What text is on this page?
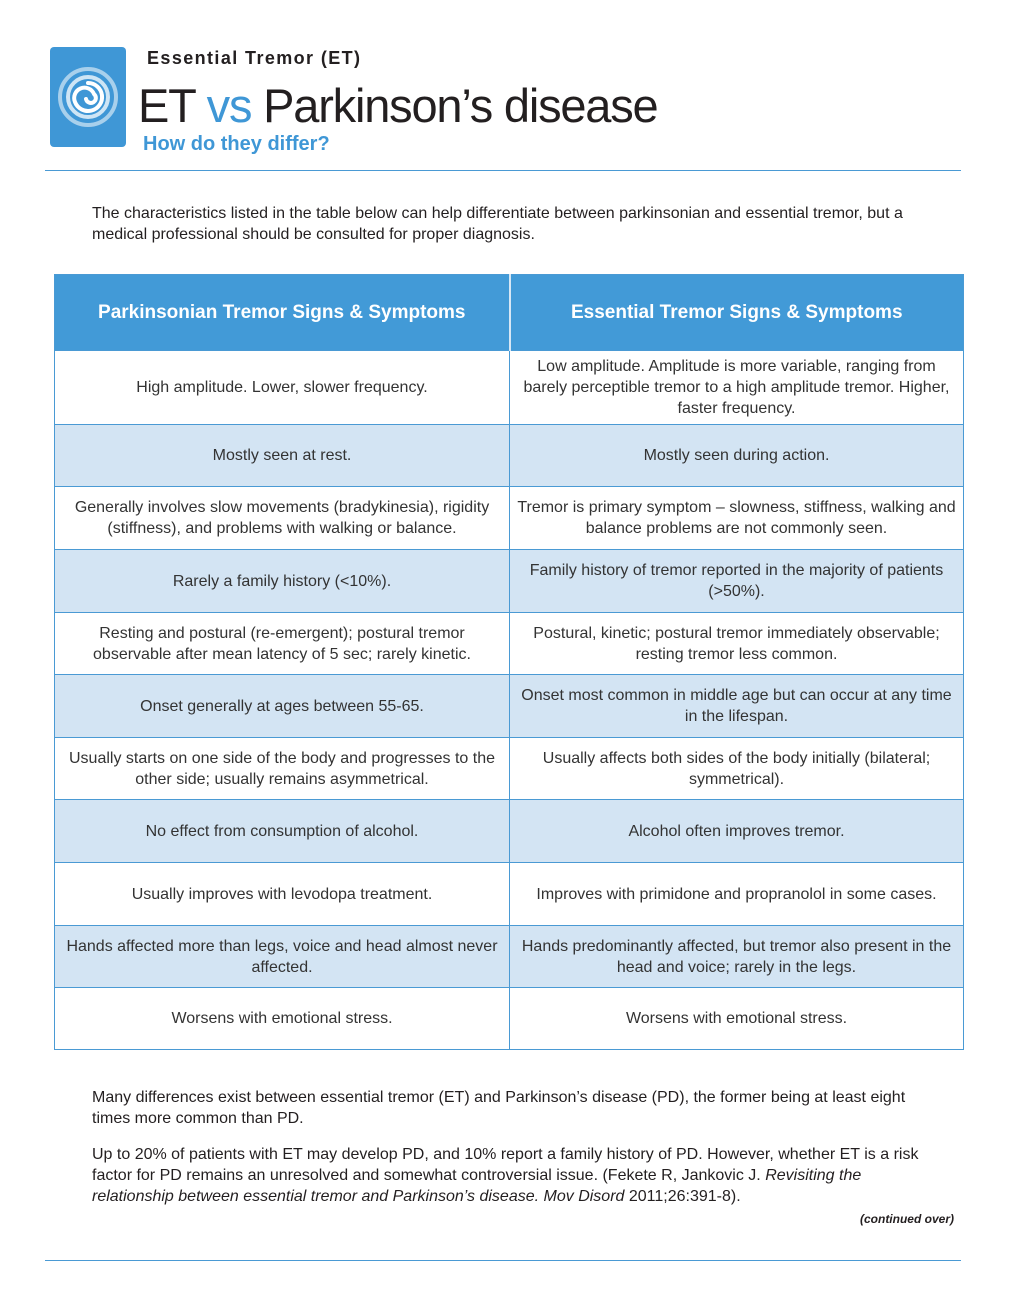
Essential Tremor (ET)
ET vs Parkinson’s disease
How do they differ?
The characteristics listed in the table below can help differentiate between parkinsonian and essential tremor, but a medical professional should be consulted for proper diagnosis.
Parkinsonian Tremor Signs & Symptoms	Essential Tremor Signs & Symptoms
High amplitude. Lower, slower frequency.	Low amplitude. Amplitude is more variable, ranging from barely perceptible tremor to a high amplitude tremor. Higher, faster frequency.
Mostly seen at rest.	Mostly seen during action.
Generally involves slow movements (bradykinesia), rigidity (stiffness), and problems with walking or balance.	Tremor is primary symptom – slowness, stiffness, walking and balance problems are not commonly seen.
Rarely a family history (<10%).	Family history of tremor reported in the majority of patients (>50%).
Resting and postural (re-emergent); postural tremor observable after mean latency of 5 sec; rarely kinetic.	Postural, kinetic; postural tremor immediately observable; resting tremor less common.
Onset generally at ages between 55-65.	Onset most common in middle age but can occur at any time in the lifespan.
Usually starts on one side of the body and progresses to the other side; usually remains asymmetrical.	Usually affects both sides of the body initially (bilateral; symmetrical).
No effect from consumption of alcohol.	Alcohol often improves tremor.
Usually improves with levodopa treatment.	Improves with primidone and propranolol in some cases.
Hands affected more than legs, voice and head almost never affected.	Hands predominantly affected, but tremor also present in the head and voice; rarely in the legs.
Worsens with emotional stress.	Worsens with emotional stress.
Many differences exist between essential tremor (ET) and Parkinson’s disease (PD), the former being at least eight times more common than PD.
Up to 20% of patients with ET may develop PD, and 10% report a family history of PD. However, whether ET is a risk factor for PD remains an unresolved and somewhat controversial issue. (Fekete R, Jankovic J. Revisiting the relationship between essential tremor and Parkinson’s disease. Mov Disord 2011;26:391-8).
(continued over)
